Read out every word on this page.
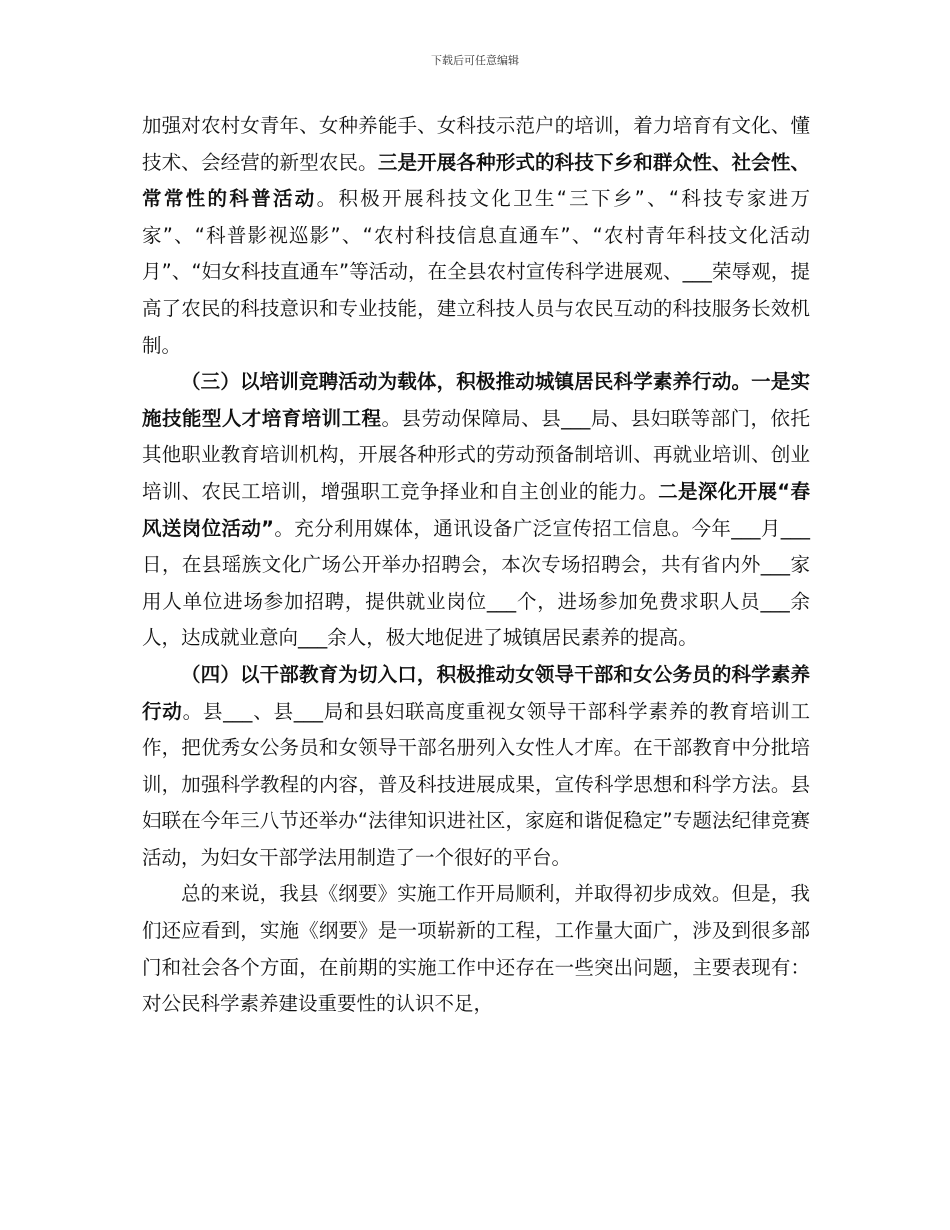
下载后可任意编辑

加强对农村女青年、女种养能手、女科技示范户的培训，着力培育有文化、懂技术、会经营的新型农民。三是开展各种形式的科技下乡和群众性、社会性、常常性的科普活动。积极开展科技文化卫生“三下乡”、“科技专家进万家”、“科普影视巡影”、“农村科技信息直通车”、“农村青年科技文化活动月”、“妇女科技直通车”等活动，在全县农村宣传科学进展观、___荣辱观，提高了农民的科技意识和专业技能，建立科技人员与农民互动的科技服务长效机制。

（三）以培训竞聘活动为载体，积极推动城镇居民科学素养行动。一是实施技能型人才培育培训工程。县劳动保障局、县___局、县妇联等部门，依托其他职业教育培训机构，开展各种形式的劳动预备制培训、再就业培训、创业培训、农民工培训，增强职工竞争择业和自主创业的能力。二是深化开展“春风送岗位活动”。充分利用媒体，通讯设备广泛宣传招工信息。今年___月___日，在县瑶族文化广场公开举办招聘会，本次专场招聘会，共有省内外___家用人单位进场参加招聘，提供就业岗位___个，进场参加免费求职人员___余人，达成就业意向___余人，极大地促进了城镇居民素养的提高。

（四）以干部教育为切入口，积极推动女领导干部和女公务员的科学素养行动。县___、县___局和县妇联高度重视女领导干部科学素养的教育培训工作，把优秀女公务员和女领导干部名册列入女性人才库。在干部教育中分批培训，加强科学教程的内容，普及科技进展成果，宣传科学思想和科学方法。县妇联在今年三八节还举办“法律知识进社区，家庭和谐促稳定”专题法纪律竞赛活动，为妇女干部学法用制造了一个很好的平台。

总的来说，我县《纲要》实施工作开局顺利，并取得初步成效。但是，我们还应看到，实施《纲要》是一项崭新的工程，工作量大面广，涉及到很多部门和社会各个方面，在前期的实施工作中还存在一些突出问题，主要表现有：对公民科学素养建设重要性的认识不足，
